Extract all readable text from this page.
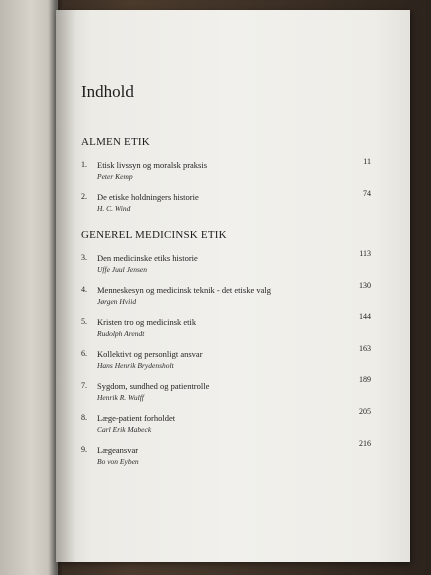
Indhold
ALMEN ETIK
1.	Etisk livssyn og moralsk praksis
Peter Kemp
11
2.	De etiske holdningers historie
H. C. Wind
74
GENEREL MEDICINSK ETIK
3.	Den medicinske etiks historie
Uffe Juul Jensen
113
4.	Menneskesyn og medicinsk teknik - det etiske valg
Jørgen Hviid
130
5.	Kristen tro og medicinsk etik
Rudolph Arendt
144
6.	Kollektivt og personligt ansvar
Hans Henrik Brydensholt
163
7.	Sygdom, sundhed og patientrolle
Henrik R. Wulff
189
8.	Læge-patient forholdet
Carl Erik Mabeck
205
9.	Lægeansvar
Bo von Eyben
216
